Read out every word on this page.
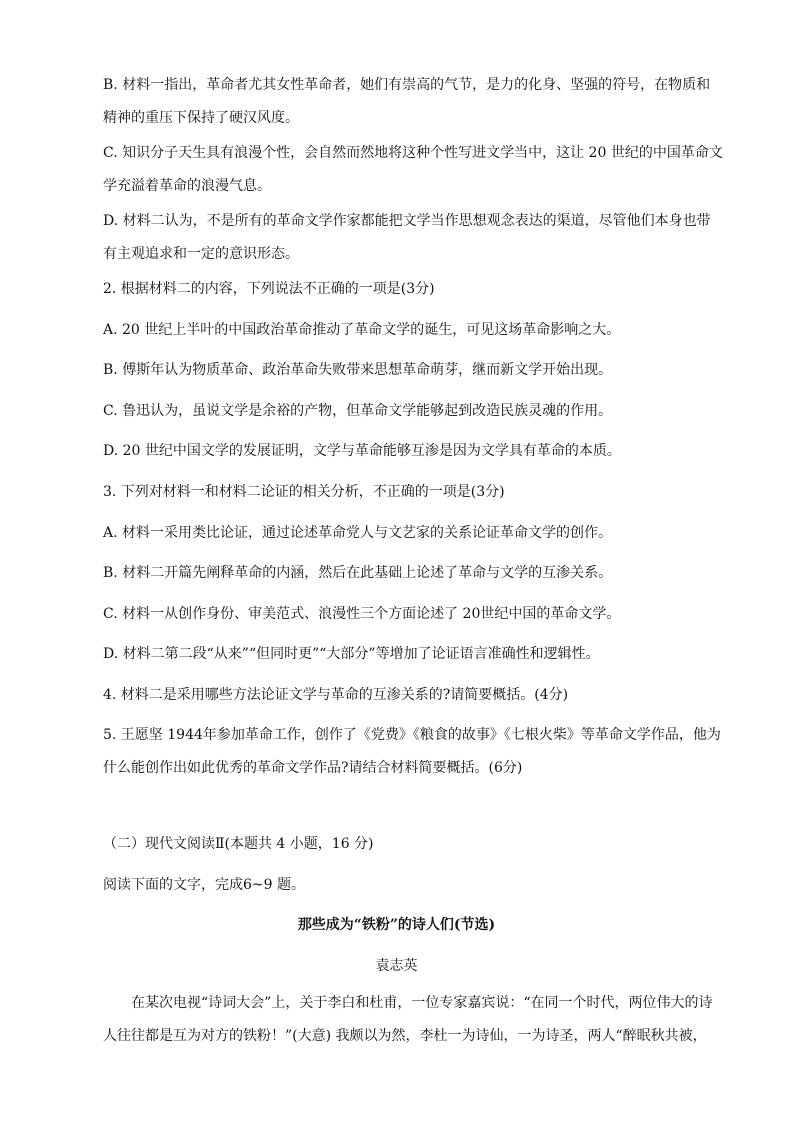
B. 材料一指出，革命者尤其女性革命者，她们有崇高的气节，是力的化身、坚强的符号，在物质和精神的重压下保持了硬汉风度。
C. 知识分子天生具有浪漫个性，会自然而然地将这种个性写进文学当中，这让 20 世纪的中国革命文学充溢着革命的浪漫气息。
D. 材料二认为，不是所有的革命文学作家都能把文学当作思想观念表达的渠道，尽管他们本身也带有主观追求和一定的意识形态。
2. 根据材料二的内容，下列说法不正确的一项是(3分)
A. 20 世纪上半叶的中国政治革命推动了革命文学的诞生，可见这场革命影响之大。
B. 傅斯年认为物质革命、政治革命失败带来思想革命萌芽，继而新文学开始出现。
C. 鲁迅认为，虽说文学是余裕的产物，但革命文学能够起到改造民族灵魂的作用。
D. 20 世纪中国文学的发展证明，文学与革命能够互渗是因为文学具有革命的本质。
3. 下列对材料一和材料二论证的相关分析，不正确的一项是(3分)
A. 材料一采用类比论证，通过论述革命党人与文艺家的关系论证革命文学的创作。
B. 材料二开篇先阐释革命的内涵，然后在此基础上论述了革命与文学的互渗关系。
C. 材料一从创作身份、审美范式、浪漫性三个方面论述了 20世纪中国的革命文学。
D. 材料二第二段“从来”“但同时更”“大部分”等增加了论证语言准确性和逻辑性。
4. 材料二是采用哪些方法论证文学与革命的互渗关系的?请简要概括。(4分)
5. 王愿坚 1944年参加革命工作，创作了《党费》《粮食的故事》《七根火柴》等革命文学作品，他为什么能创作出如此优秀的革命文学作品?请结合材料简要概括。(6分)
（二）现代文阅读Ⅱ(本题共 4 小题，16 分)
阅读下面的文字，完成6~9 题。
那些成为“铁粉”的诗人们(节选)
袁志英
在某次电视“诗词大会”上，关于李白和杜甫，一位专家嘉宾说：“在同一个时代，两位伟大的诗人往往都是互为对方的铁粉！”(大意) 我颇以为然，李杜一为诗仙，一为诗圣，两人“醉眠秋共被，
